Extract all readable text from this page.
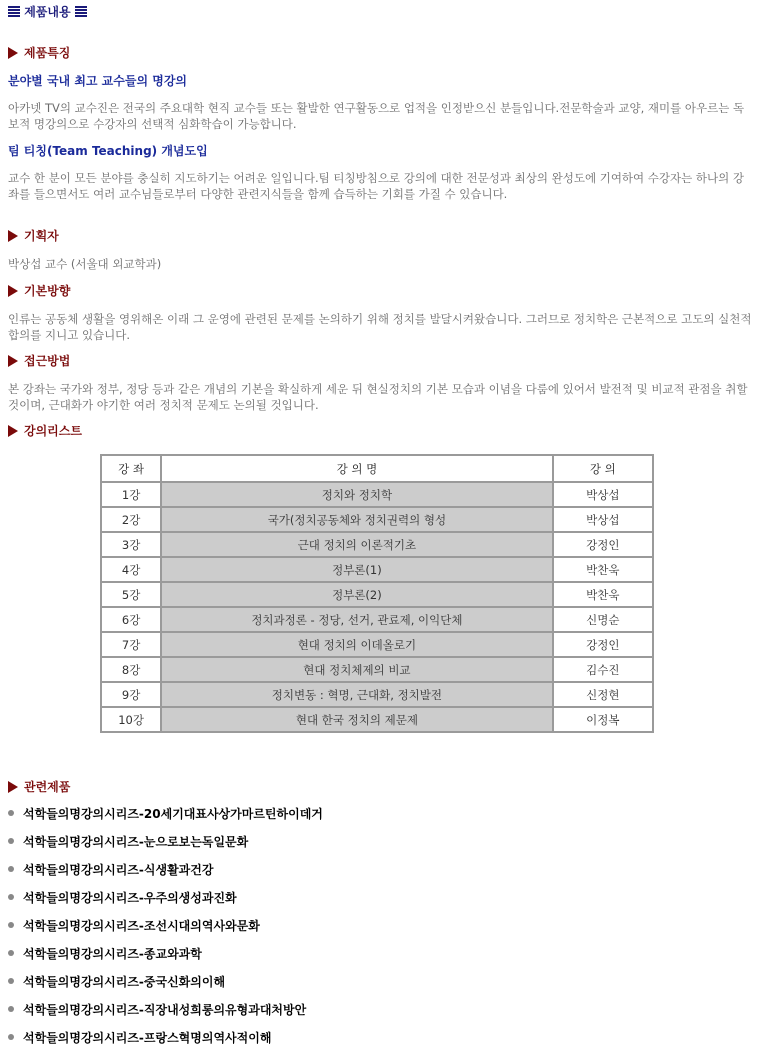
제품내용
제품특징
분야별 국내 최고 교수들의 명강의
아카넷 TV의 교수진은 전국의 주요대학 현직 교수들 또는 활발한 연구활동으로 업적을 인정받으신 분들입니다.전문학술과 교양, 재미를 아우르는 독보적 명강의으로 수강자의 선택적 심화학습이 가능합니다.
팀 티칭(Team Teaching) 개념도입
교수 한 분이 모든 분야를 충실히 지도하기는 어려운 일입니다.팀 티칭방침으로 강의에 대한 전문성과 최상의 완성도에 기여하여 수강자는 하나의 강좌를 들으면서도 여러 교수님들로부터 다양한 관련지식들을 함께 습득하는 기회를 가질 수 있습니다.
기획자
박상섭 교수 (서울대 외교학과)
기본방향
인류는 공동체 생활을 영위해온 이래 그 운영에 관련된 문제를 논의하기 위해 정치를 발달시켜왔습니다. 그러므로 정치학은 근본적으로 고도의 실천적 합의를 지니고 있습니다.
접근방법
본 강좌는 국가와 정부, 정당 등과 같은 개념의 기본을 확실하게 세운 뒤 현실정치의 기본 모습과 이념을 다룸에 있어서 발전적 및 비교적 관점을 취할 것이며, 근대화가 야기한 여러 정치적 문제도 논의될 것입니다.
강의리스트
강 좌	강 의 명	강 의
1강	정치와 정치학	박상섭
2강	국가(정치공동체와 정치권력의 형성	박상섭
3강	근대 정치의 이론적기초	강정인
4강	정부론(1)	박찬욱
5강	정부론(2)	박찬욱
6강	정치과정론 - 정당, 선거, 관료제, 이익단체	신명순
7강	현대 정치의 이데올로기	강정인
8강	현대 정치체제의 비교	김수진
9강	정치변동 : 혁명, 근대화, 정치발전	신정현
10강	현대 한국 정치의 제문제	이정복
관련제품
석학들의명강의시리즈-20세기대표사상가마르틴하이데거
석학들의명강의시리즈-눈으로보는독일문화
석학들의명강의시리즈-식생활과건강
석학들의명강의시리즈-우주의생성과진화
석학들의명강의시리즈-조선시대의역사와문화
석학들의명강의시리즈-종교와과학
석학들의명강의시리즈-중국신화의이해
석학들의명강의시리즈-직장내성희롱의유형과대처방안
석학들의명강의시리즈-프랑스혁명의역사적이해
